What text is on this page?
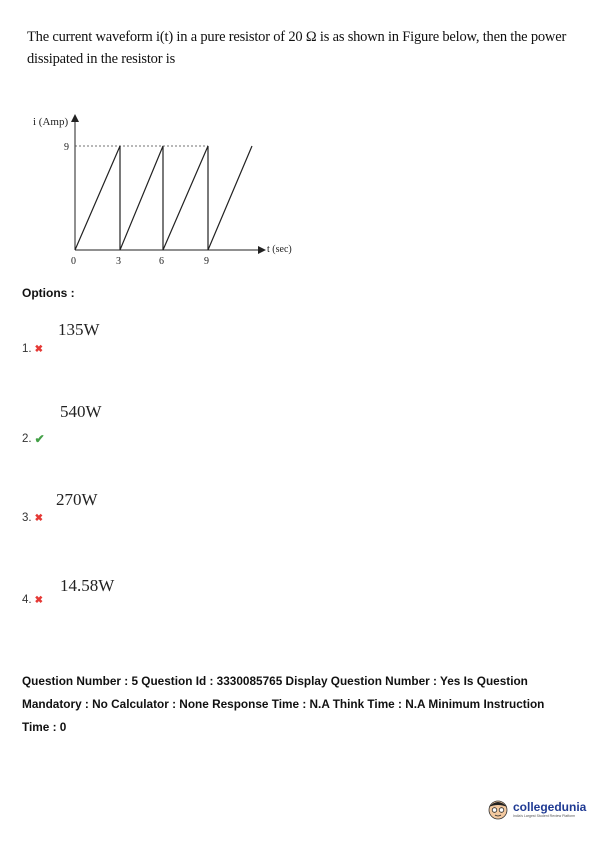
The current waveform i(t) in a pure resistor of 20 Ω is as shown in Figure below, then the power
dissipated in the resistor is
i (Amp)
9
0	3	6	9
t (sec)
Options :
135W
1. ✖
540W
2. ✔
270W
3. ✖
14.58W
4. ✖
Question Number : 5 Question Id : 3330085765 Display Question Number : Yes Is Question
Mandatory : No Calculator : None Response Time : N.A Think Time : N.A Minimum Instruction
Time : 0
collegedunia
India's Largest Student Review Platform
